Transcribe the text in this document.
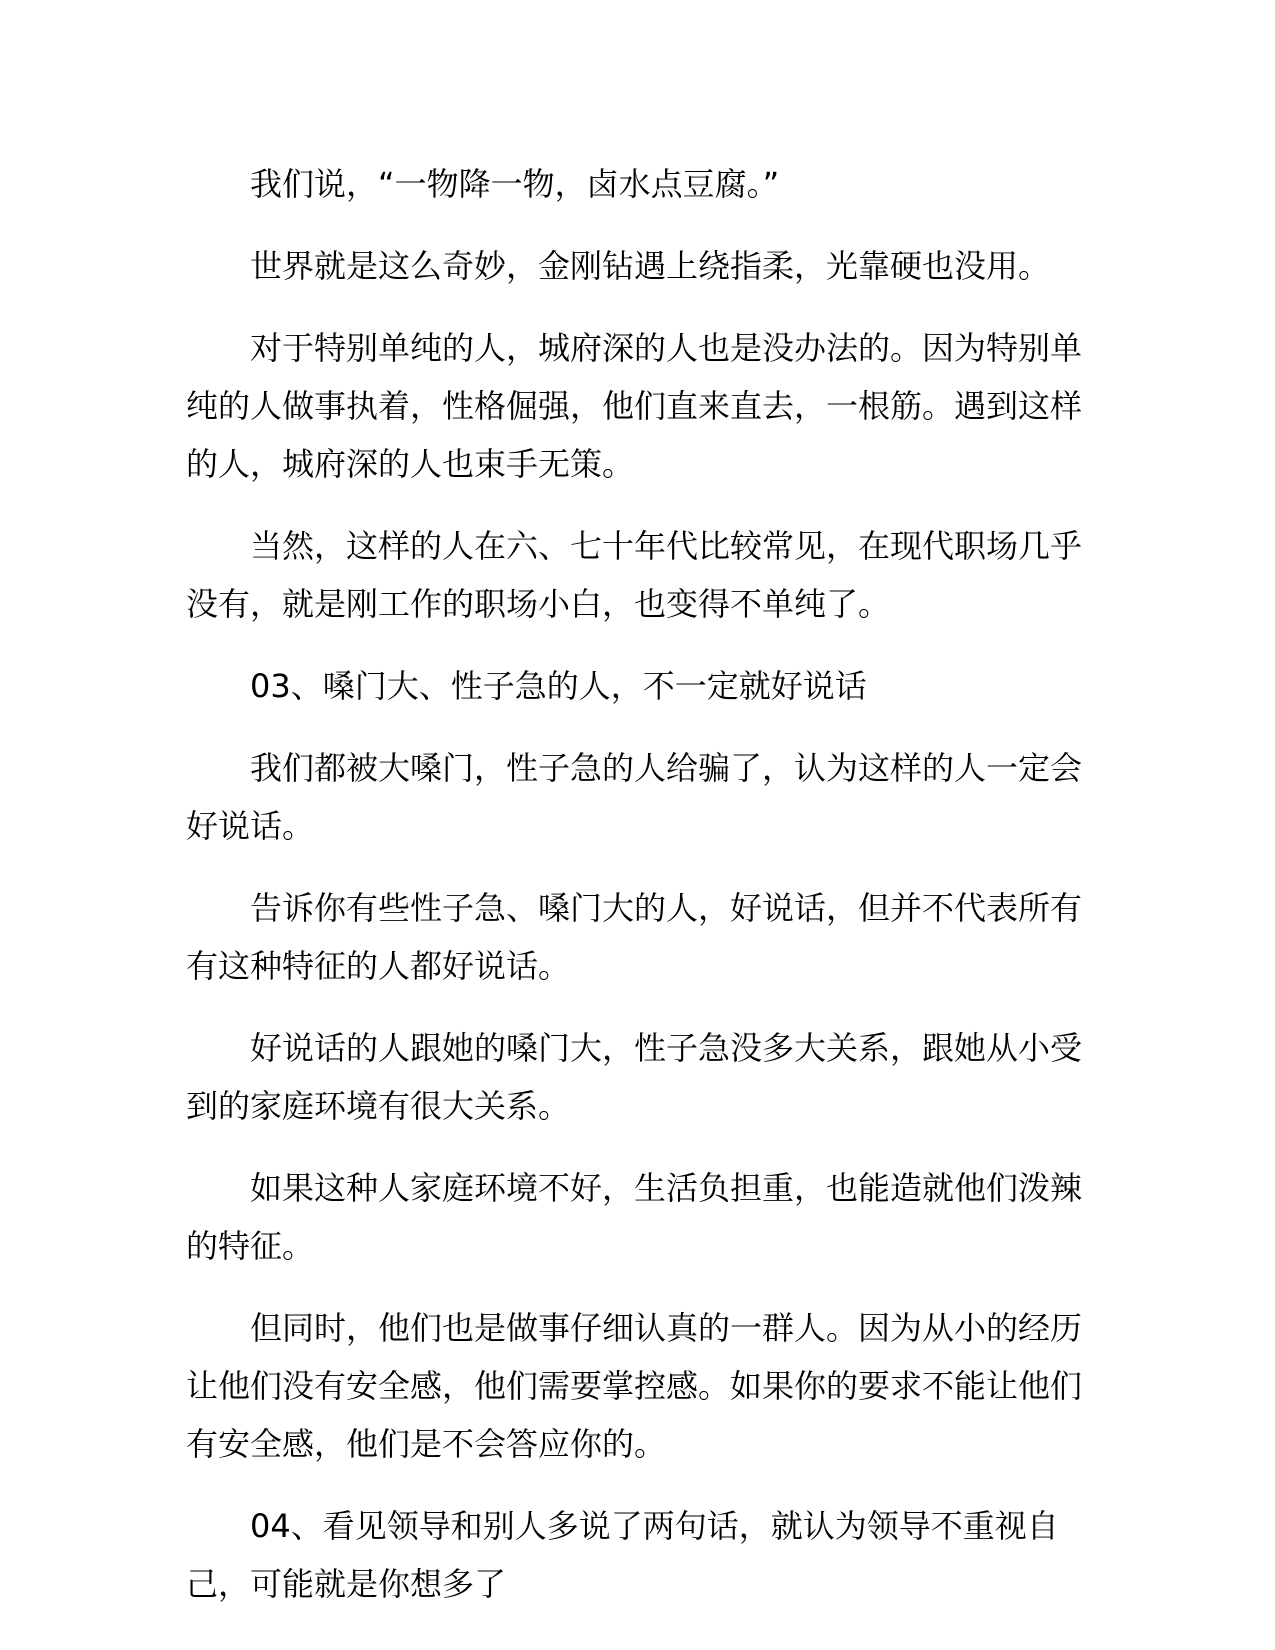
我们说，“一物降一物，卤水点豆腐。”

世界就是这么奇妙，金刚钻遇上绕指柔，光靠硬也没用。

对于特别单纯的人，城府深的人也是没办法的。因为特别单纯的人做事执着，性格倔强，他们直来直去，一根筋。遇到这样的人，城府深的人也束手无策。

当然，这样的人在六、七十年代比较常见，在现代职场几乎没有，就是刚工作的职场小白，也变得不单纯了。

03、嗓门大、性子急的人，不一定就好说话

我们都被大嗓门，性子急的人给骗了，认为这样的人一定会好说话。

告诉你有些性子急、嗓门大的人，好说话，但并不代表所有有这种特征的人都好说话。

好说话的人跟她的嗓门大，性子急没多大关系，跟她从小受到的家庭环境有很大关系。

如果这种人家庭环境不好，生活负担重，也能造就他们泼辣的特征。

但同时，他们也是做事仔细认真的一群人。因为从小的经历让他们没有安全感，他们需要掌控感。如果你的要求不能让他们有安全感，他们是不会答应你的。

04、看见领导和别人多说了两句话，就认为领导不重视自己，可能就是你想多了
